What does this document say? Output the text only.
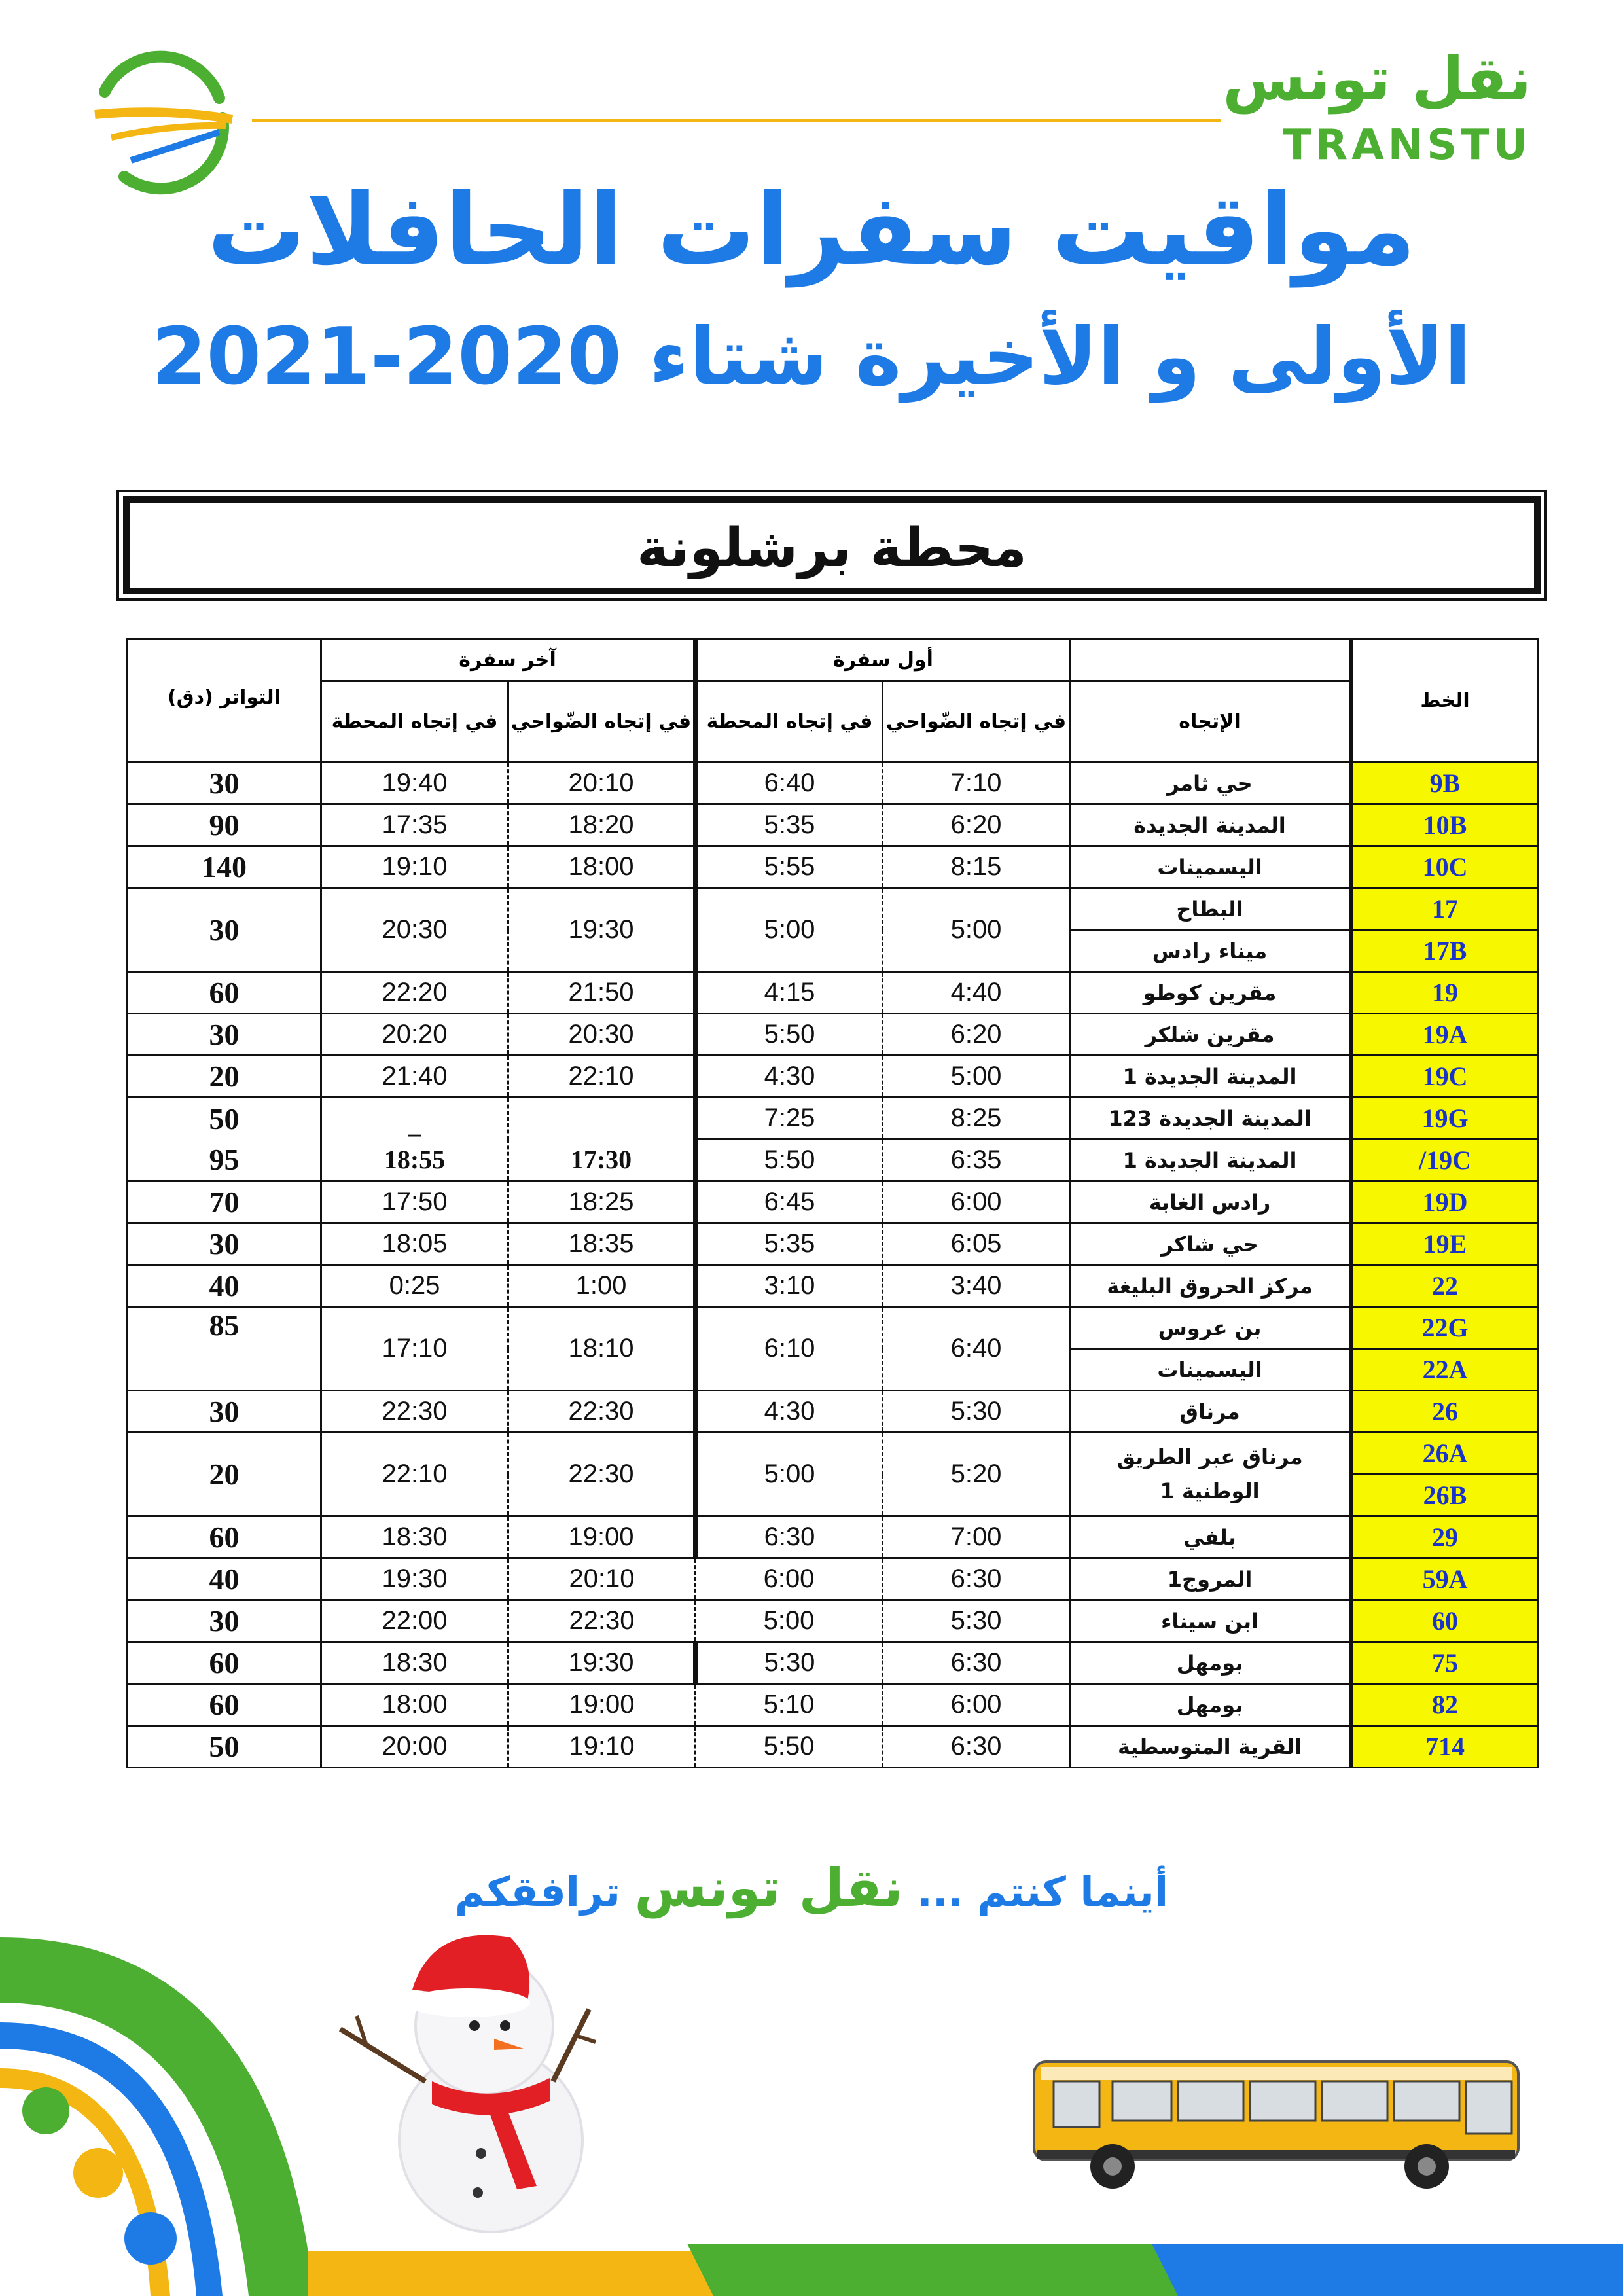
نقل تونس
TRANSTU
مواقيت سفرات الحافلات
الأولى و الأخيرة شتاء 2020-2021
محطة برشلونة
الخط		أول سفرة		آخر سفرة		التواتر (دق)
	الإتجاه	في إتجاه الضّواحي	في إتجاه المحطة	في إتجاه الضّواحي	في إتجاه المحطة	
9B	حي ثامر	7:10	6:40	20:10	19:40	30
10B	المدينة الجديدة	6:20	5:35	18:20	17:35	90
10C	اليسمينات	8:15	5:55	18:00	19:10	140
17	البطاح	5:00	5:00	19:30	20:30	30
17B	ميناء رادس					
19	مقرين كوطو	4:40	4:15	21:50	22:20	60
19A	مقرين شلكر	6:20	5:50	20:30	20:20	30
19C	المدينة الجديدة 1	5:00	4:30	22:10	21:40	20
19G	المدينة الجديدة 123	8:25	7:25		_	50
19C/	المدينة الجديدة 1	6:35	5:50	17:30	18:55	95
19D	رادس الغابة	6:00	6:45	18:25	17:50	70
19E	حي شاكر	6:05	5:35	18:35	18:05	30
22	مركز الحروق البليغة	3:40	3:10	1:00	0:25	40
22G	بن عروس	6:40	6:10	18:10	17:10	85
22A	اليسمينات					
26	مرناق	5:30	4:30	22:30	22:30	30
26A	مرناق عبر الطريق الوطنية 1	5:20	5:00	22:30	22:10	20
26B						
29	بلفي	7:00	6:30	19:00	18:30	60
59A	المروج1	6:30	6:00	20:10	19:30	40
60	ابن سيناء	5:30	5:00	22:30	22:00	30
75	بومهل	6:30	5:30	19:30	18:30	60
82	بومهل	6:00	5:10	19:00	18:00	60
714	القرية المتوسطية	6:30	5:50	19:10	20:00	50
أينما كنتم ... نقل تونس ترافقكم
